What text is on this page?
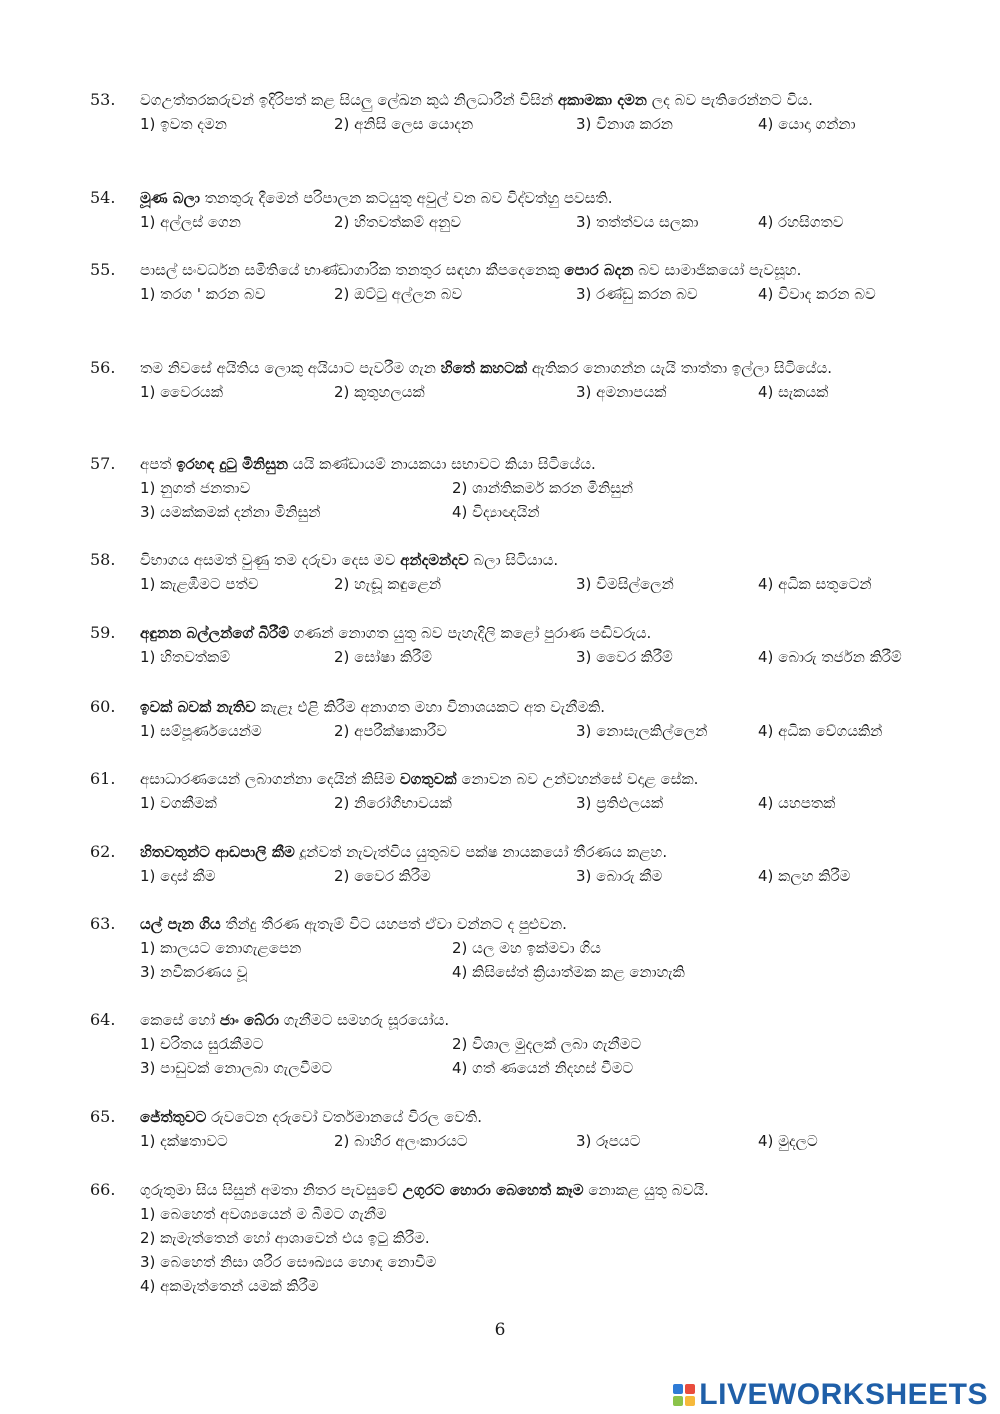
53.	වගඋත්තරකරුවන් ඉදිරිපත් කළ සියලු ලේඛන කුඨ නිලධාරීන් විසින් අකාමකා දමන ලද බව පැතිරෙන්නට විය.
1) ඉවත දමන	2) අනිසි ලෙස යොදන	3) විනාශ කරන	4) යොදා ගන්නා
54.	මූණ බලා තනතුරු දීමෙන් පරිපාලන කටයුතු අවුල් වන බව විද්වත්හු පවසති.
1) අල්ලස් ගෙන	2) හිතවත්කම් අනුව	3) තත්ත්වය සලකා	4) රහසිගතව
55.	පාසල් සංවර්ධන සමිතියේ භාණ්ඩාගාරික තනතුර සඳහා කීපදෙනෙකු පොර බදන බව සාමාජිකයෝ පැවසූහ.
1) තරග ' කරන බව	2) ඔට්ටු අල්ලන බව	3) රණ්ඩු කරන බව	4) විවාද කරන බව
56.	තම නිවසේ අයිතිය ලොකු අයියාට පැවරීම ගැන හිතේ කහටක් ඇතිකර නොගන්න යැයි තාත්තා ඉල්ලා සිටියේය.
1) වෛරයක්	2) කුතුහලයක්	3) අමනාපයක්	4) සැකයක්
57.	අපත් ඉරහඳ දුටු මිනිසුන යයි කණ්ඩායම් නායකයා සභාවට කියා සිටියේය.
1) නුගත් ජනතාව	2) ශාන්තිකර්ම කරන මිනිසුන්
3) යමක්කමක් දන්නා මිනිසුන්	4) විද්‍යාඥයින්
58.	විභාගය අසමත් වුණු තම දරුවා දෙස මව අන්දමන්දව බලා සිටියාය.
1) කැළඹීමට පත්ව	2) හැඬූ කඳුළෙන්	3) විමසිල්ලෙන්	4) අධික සතුටෙන්
59.	අඳුනන බල්ලන්ගේ බිරීම් ගණන් නොගත යුතු බව පැහැදිලි කළෝ පුරාණ පඬිවරුය.
1) හිතවත්කම්	2) සෝෂා කිරීම්	3) වෛර කිරීම්	4) බොරු තර්ජන කිරීම්
60.	ඉවක් බවක් නැතිව කැළෑ එළි කිරීම අනාගත මහා විනාශයකට අත වැනීමකි.
1) සම්පූර්ණයෙන්ම	2) අපරීක්ෂාකාරීව	3) නොසැලකිල්ලෙන්	4) අධික වේගයකින්
61.	අසාධාරණයෙන් ලබාගන්නා දෙයින් කිසිම වගතුවක් නොවන බව උන්වහන්සේ වදාළ සේක.
1) වගකීමක්	2) නිරෝගීභාවයක්	3) ප්‍රතිඵලයක්	4) යහපතක්
62.	හිතවතුන්ට ආඩපාලි කීම දූන්වත් නැවැත්විය යුතුබව පක්ෂ නායකයෝ තීරණය කළහ.
1) දොස් කීම	2) වෛර කිරීම	3) බොරු කීම	4) කලහ කිරීම
63.	යල් පැන ගිය තීන්දු තීරණ ඇතැම් විට යහපත් ඒවා වන්නට ද පුළුවන.
1) කාලයට නොගැළපෙන	2) යල මහ ඉක්මවා ගිය
3) නවීකරණය වූ	4) කිසිසේත් ක්‍රියාත්මක කළ නොහැකි
64.	කෙසේ හෝ ජාං බේරා ගැනීමට සමහරු සූරයෝය.
1) චරිතය සුරැකීමට	2) විශාල මුදලක් ලබා ගැනීමට
3) පාඩුවක් නොලබා ගැලවීමට	4) ගත් ණයෙන් නිදහස් වීමට
65.	ජේත්තුවට රුවටෙන දරුවෝ වර්තමානයේ විරල වෙති.
1) දක්ෂතාවට	2) බාහිර අලංකාරයට	3) රූපයට	4) මුදලට
66.	ගුරුතුමා සිය සිසුන් අමතා නිතර පැවසුවේ උගුරට හොරා බෙහෙත් කෑම නොකළ යුතු බවයි.
1) බෙහෙත් අවශ්‍යයෙන් ම බීමට ගැනීම
2) කැමැත්තෙන් හෝ ආශාවෙන් එය ඉටු කිරීම.
3) බෙහෙත් නිසා ශරීර සෞඛ්‍යය හොඳ නොවීම
4) අකමැත්තෙන් යමක් කිරීම
6
LIVEWORKSHEETS
